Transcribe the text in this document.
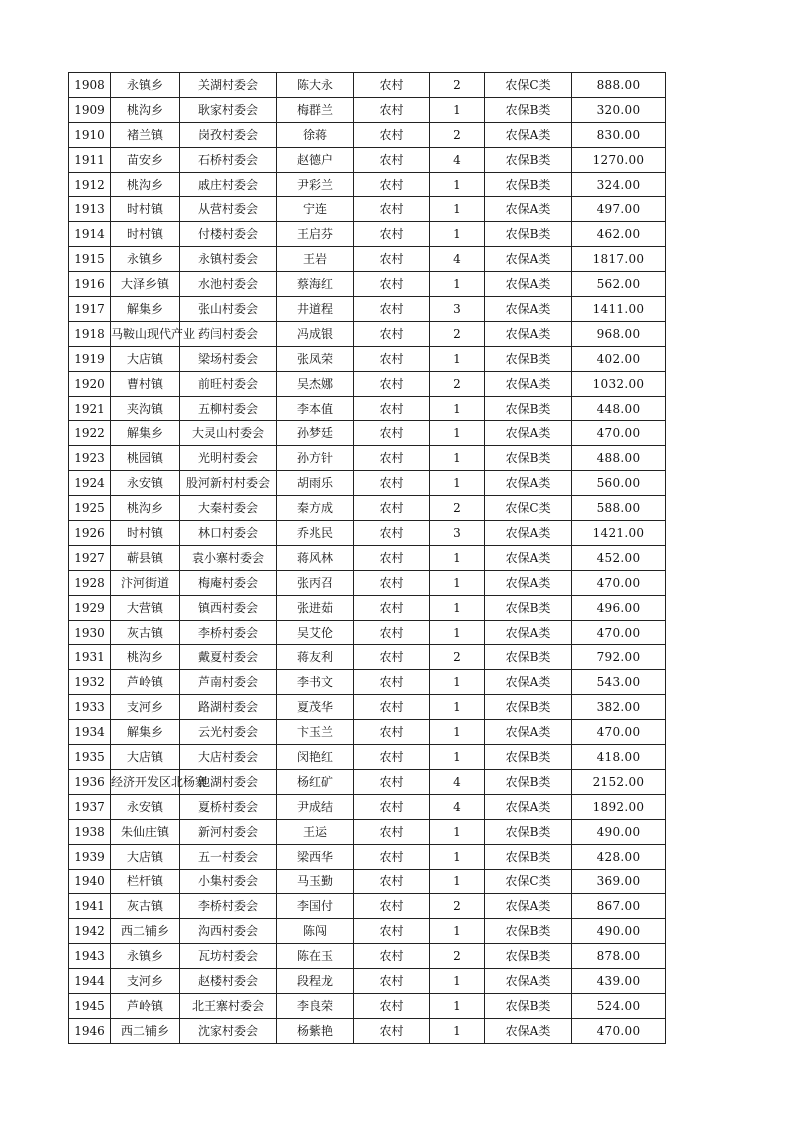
1908	永镇乡	关湖村委会	陈大永	农村	2	农保C类	888.00
1909	桃沟乡	耿家村委会	梅群兰	农村	1	农保B类	320.00
1910	褚兰镇	岗孜村委会	徐蒋	农村	2	农保A类	830.00
1911	苗安乡	石桥村委会	赵德户	农村	4	农保B类	1270.00
1912	桃沟乡	戚庄村委会	尹彩兰	农村	1	农保B类	324.00
1913	时村镇	从营村委会	宁连	农村	1	农保A类	497.00
1914	时村镇	付楼村委会	王启芬	农村	1	农保B类	462.00
1915	永镇乡	永镇村委会	王岩	农村	4	农保A类	1817.00
1916	大泽乡镇	水池村委会	蔡海红	农村	1	农保A类	562.00
1917	解集乡	张山村委会	井道程	农村	3	农保A类	1411.00
1918	马鞍山现代产业	药闫村委会	冯成银	农村	2	农保A类	968.00
1919	大店镇	梁场村委会	张凤荣	农村	1	农保B类	402.00
1920	曹村镇	前旺村委会	吴杰娜	农村	2	农保A类	1032.00
1921	夹沟镇	五柳村委会	李本值	农村	1	农保B类	448.00
1922	解集乡	大灵山村委会	孙梦廷	农村	1	农保A类	470.00
1923	桃园镇	光明村委会	孙方针	农村	1	农保B类	488.00
1924	永安镇	股河新村村委会	胡雨乐	农村	1	农保A类	560.00
1925	桃沟乡	大秦村委会	秦方成	农村	2	农保C类	588.00
1926	时村镇	林口村委会	乔兆民	农村	3	农保A类	1421.00
1927	蕲县镇	袁小寨村委会	蒋风林	农村	1	农保A类	452.00
1928	汴河街道	梅庵村委会	张丙召	农村	1	农保A类	470.00
1929	大营镇	镇西村委会	张进茹	农村	1	农保B类	496.00
1930	灰古镇	李桥村委会	吴艾伦	农村	1	农保A类	470.00
1931	桃沟乡	戴夏村委会	蒋友利	农村	2	农保B类	792.00
1932	芦岭镇	芦南村委会	李书文	农村	1	农保A类	543.00
1933	支河乡	路湖村委会	夏茂华	农村	1	农保B类	382.00
1934	解集乡	云光村委会	卞玉兰	农村	1	农保A类	470.00
1935	大店镇	大店村委会	闵艳红	农村	1	农保B类	418.00
1936	经济开发区北杨寨	池湖村委会	杨红矿	农村	4	农保B类	2152.00
1937	永安镇	夏桥村委会	尹成结	农村	4	农保A类	1892.00
1938	朱仙庄镇	新河村委会	王运	农村	1	农保B类	490.00
1939	大店镇	五一村委会	梁西华	农村	1	农保B类	428.00
1940	栏杆镇	小集村委会	马玉勤	农村	1	农保C类	369.00
1941	灰古镇	李桥村委会	李国付	农村	2	农保A类	867.00
1942	西二铺乡	沟西村委会	陈闯	农村	1	农保B类	490.00
1943	永镇乡	瓦坊村委会	陈在玉	农村	2	农保B类	878.00
1944	支河乡	赵楼村委会	段程龙	农村	1	农保A类	439.00
1945	芦岭镇	北王寨村委会	李良荣	农村	1	农保B类	524.00
1946	西二铺乡	沈家村委会	杨紫艳	农村	1	农保A类	470.00
